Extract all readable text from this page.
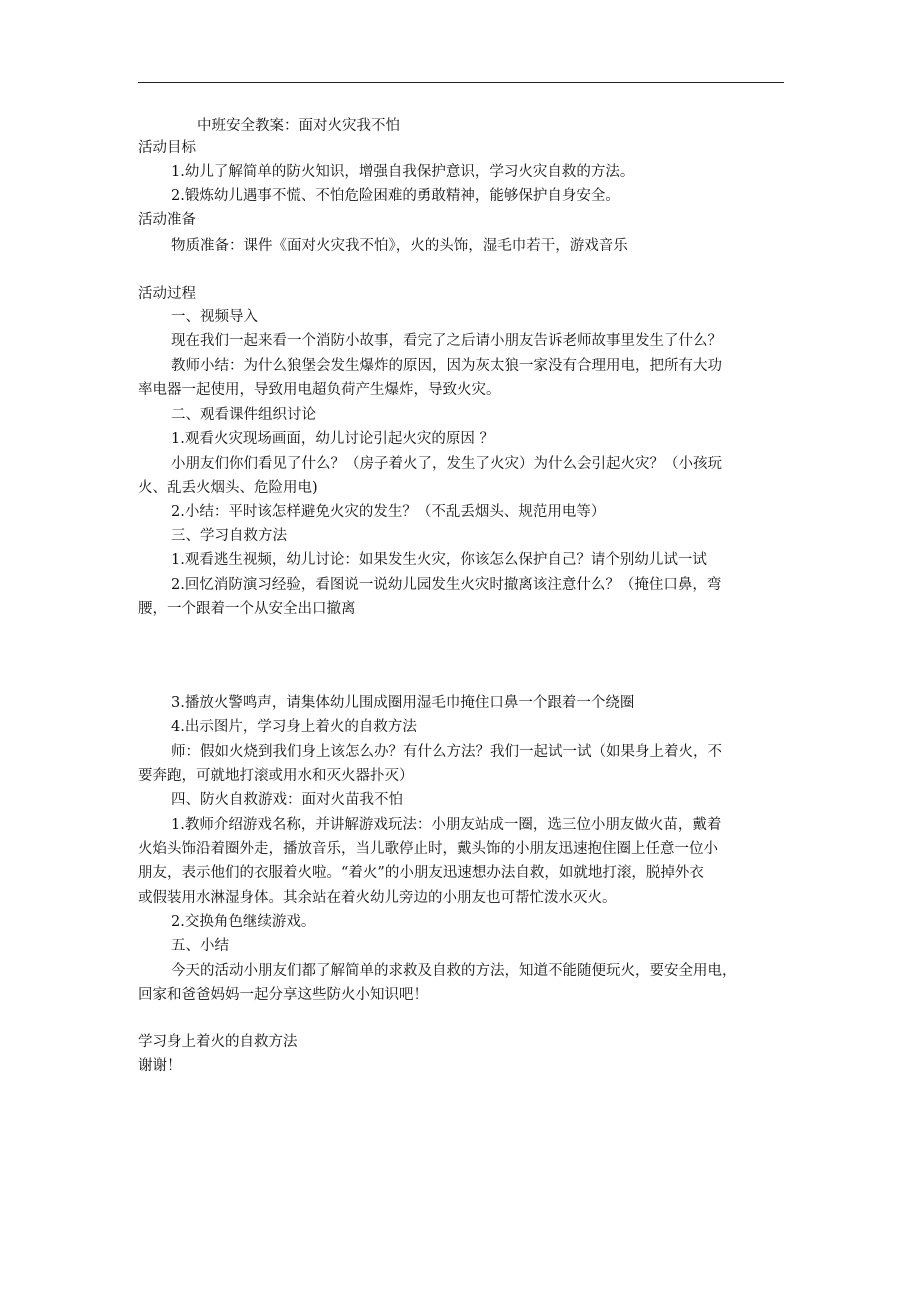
中班安全教案：面对火灾我不怕
活动目标
1.幼儿了解简单的防火知识，增强自我保护意识，学习火灾自救的方法。
2.锻炼幼儿遇事不慌、不怕危险困难的勇敢精神，能够保护自身安全。
活动准备
物质准备：课件《面对火灾我不怕》，火的头饰，湿毛巾若干，游戏音乐
活动过程
一、视频导入
现在我们一起来看一个消防小故事，看完了之后请小朋友告诉老师故事里发生了什么？
教师小结：为什么狼堡会发生爆炸的原因，因为灰太狼一家没有合理用电，把所有大功
率电器一起使用，导致用电超负荷产生爆炸，导致火灾。
二、观看课件组织讨论
1.观看火灾现场画面，幼儿讨论引起火灾的原因 ？
小朋友们你们看见了什么？（房子着火了，发生了火灾）为什么会引起火灾？（小孩玩
火、乱丢火烟头、危险用电)
2.小结：平时该怎样避免火灾的发生？（不乱丢烟头、规范用电等）
三、学习自救方法
1.观看逃生视频，幼儿讨论：如果发生火灾，你该怎么保护自己？请个别幼儿试一试
2.回忆消防演习经验，看图说一说幼儿园发生火灾时撤离该注意什么？（掩住口鼻，弯
腰，一个跟着一个从安全出口撤离
3.播放火警鸣声，请集体幼儿围成圈用湿毛巾掩住口鼻一个跟着一个绕圈
4.出示图片，学习身上着火的自救方法
师：假如火烧到我们身上该怎么办？有什么方法？我们一起试一试（如果身上着火，不
要奔跑，可就地打滚或用水和灭火器扑灭）
四、防火自救游戏：面对火苗我不怕
1.教师介绍游戏名称，并讲解游戏玩法：小朋友站成一圈，选三位小朋友做火苗，戴着
火焰头饰沿着圈外走，播放音乐，当儿歌停止时，戴头饰的小朋友迅速抱住圈上任意一位小
朋友，表示他们的衣服着火啦。“着火”的小朋友迅速想办法自救，如就地打滚，脱掉外衣
或假装用水淋湿身体。其余站在着火幼儿旁边的小朋友也可帮忙泼水灭火。
2.交换角色继续游戏。
五、小结
今天的活动小朋友们都了解简单的求救及自救的方法，知道不能随便玩火，要安全用电，
回家和爸爸妈妈一起分享这些防火小知识吧！
学习身上着火的自救方法
谢谢！
